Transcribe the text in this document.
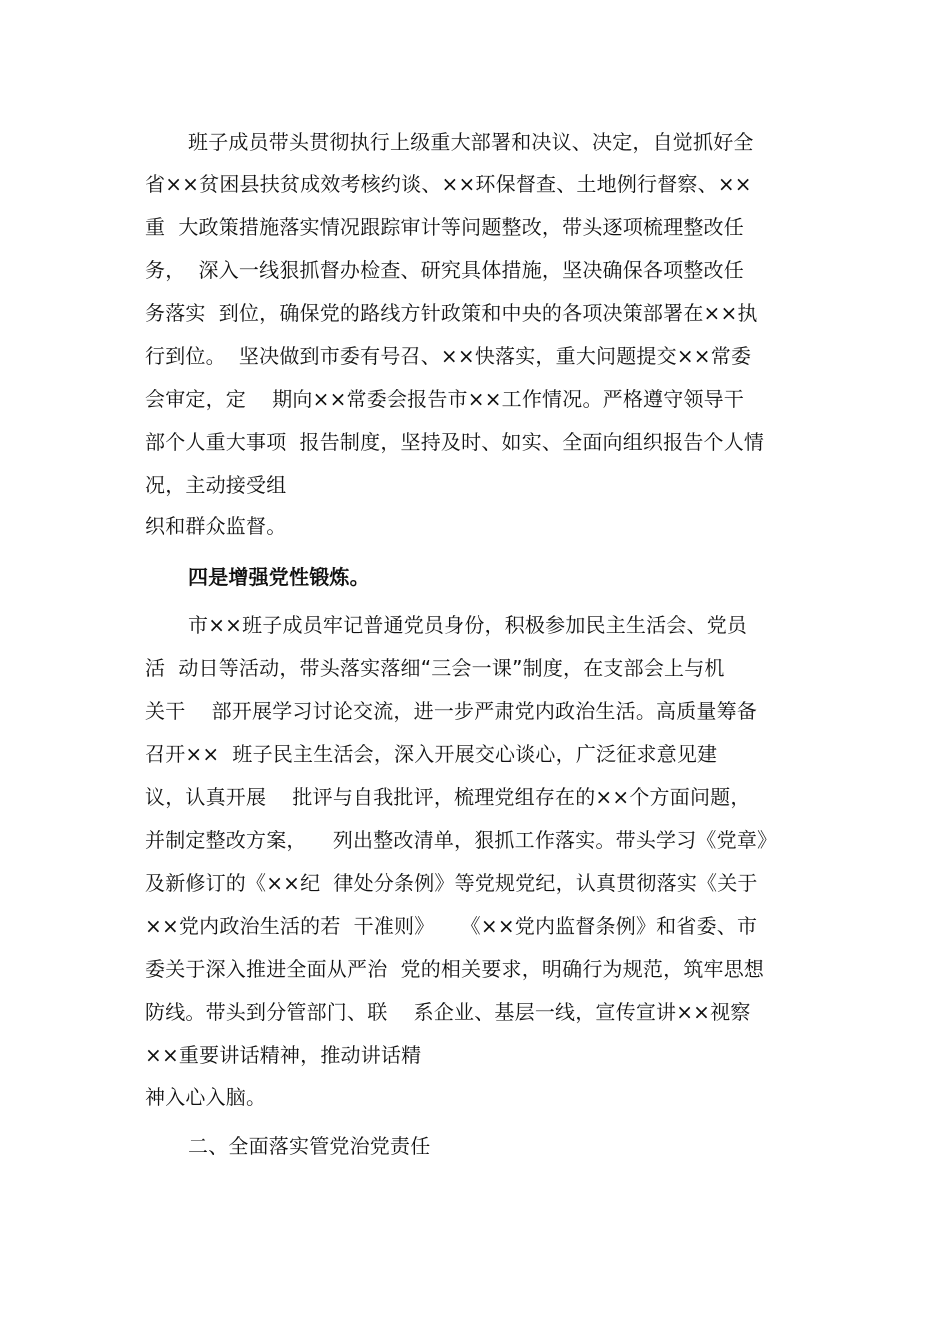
班子成员带头贯彻执行上级重大部署和决议、决定，自觉抓好全
省××贫困县扶贫成效考核约谈、××环保督查、土地例行督察、××
重  大政策措施落实情况跟踪审计等问题整改，带头逐项梳理整改任
务，  深入一线狠抓督办检查、研究具体措施，坚决确保各项整改任
务落实  到位，确保党的路线方针政策和中央的各项决策部署在××执
行到位。  坚决做到市委有号召、××快落实，重大问题提交××常委
会审定，定    期向××常委会报告市××工作情况。严格遵守领导干
部个人重大事项  报告制度，坚持及时、如实、全面向组织报告个人情
况，主动接受组
织和群众监督。
四是增强党性锻炼。
市××班子成员牢记普通党员身份，积极参加民主生活会、党员
活  动日等活动，带头落实落细“三会一课”制度，在支部会上与机
关干    部开展学习讨论交流，进一步严肃党内政治生活。高质量筹备
召开××  班子民主生活会，深入开展交心谈心，广泛征求意见建
议，认真开展    批评与自我批评，梳理党组存在的××个方面问题，
并制定整改方案，    列出整改清单，狠抓工作落实。带头学习《党章》
及新修订的《××纪  律处分条例》等党规党纪，认真贯彻落实《关于
××党内政治生活的若  干准则》    《××党内监督条例》和省委、市
委关于深入推进全面从严治  党的相关要求，明确行为规范，筑牢思想
防线。带头到分管部门、联    系企业、基层一线，宣传宣讲××视察
××重要讲话精神，推动讲话精
神入心入脑。
二、全面落实管党治党责任
